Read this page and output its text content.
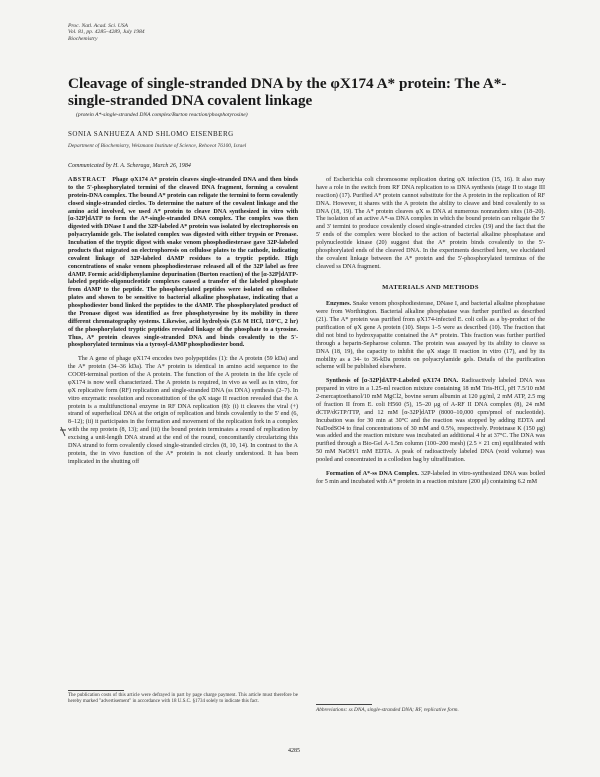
Proc. Natl. Acad. Sci. USA
Vol. 81, pp. 4285–4289, July 1984
Biochemistry
Cleavage of single-stranded DNA by the φX174 A* protein: The A*-single-stranded DNA covalent linkage
(protein A*-single-stranded DNA complex/Burton reaction/phosphotyrosine)
SONIA SANHUEZA AND SHLOMO EISENBERG
Department of Biochemistry, Weizmann Institute of Science, Rehovot 76100, Israel
Communicated by H. A. Scheraga, March 26, 1984

ABSTRACT Phage φX174 A* protein cleaves single-stranded DNA and then binds to the 5'-phosphorylated termini of the cleaved DNA fragment, forming a covalent protein-DNA complex. The bound A* protein can religate the termini to form covalently closed single-stranded circles. To determine the nature of the covalent linkage and the amino acid involved, we used A* protein to cleave DNA synthesized in vitro with [α-32P]dATP to form the A*-single-stranded DNA complex. The complex was then digested with DNase I and the 32P-labeled A* protein was isolated by electrophoresis on polyacrylamide gels. The isolated complex was digested with either trypsin or Pronase. Incubation of the tryptic digest with snake venom phosphodiesterase gave 32P-labeled products that migrated on electrophoresis on cellulose plates to the cathode, indicating covalent linkage of 32P-labeled dAMP residues to a tryptic peptide. High concentrations of snake venom phosphodiesterase released all of the 32P label as free dAMP. Formic acid/diphenylamine depurination (Burton reaction) of the [α-32P]dATP-labeled peptide-oligonucleotide complexes caused a transfer of the labeled phosphate from dAMP to the peptide. The phosphorylated peptides were isolated on cellulose plates and shown to be sensitive to bacterial alkaline phosphatase, indicating that a phosphodiester bond linked the peptides to the dAMP. The phosphorylated product of the Pronase digest was identified as free phosphotyrosine by its mobility in three different chromatography systems. Likewise, acid hydrolysis (5.6 M HCl, 110°C, 2 hr) of the phosphorylated tryptic peptides revealed linkage of the phosphate to a tyrosine. Thus, A* protein cleaves single-stranded DNA and binds covalently to the 5'-phosphorylated terminus via a tyrosyl-dAMP phosphodiester bond.

The A gene of phage φX174 encodes two polypeptides (1): the A protein (59 kDa) and the A* protein (34–36 kDa). The A* protein is identical in amino acid sequence to the COOH-terminal portion of the A protein. The function of the A protein in the life cycle of φX174 is now well characterized. The A protein is required, in vivo as well as in vitro, for φX replicative form (RF) replication and single-stranded DNA (ss DNA) synthesis (2–7). In vitro enzymatic resolution and reconstitution of the φX stage II reaction revealed that the A protein is a multifunctional enzyme in RF DNA replication (8): (i) it cleaves the viral (+) strand of superhelical DNA at the origin of replication and binds covalently to the 5' end (6, 8–12); (ii) it participates in the formation and movement of the replication fork in a complex with the rep protein (8, 13); and (iii) the bound protein terminates a round of replication by excising a unit-length DNA strand at the end of the round, concomitantly circularizing this DNA strand to form covalently closed single-stranded circles (8, 10, 14). In contrast to the A protein, the in vivo function of the A* protein is not clearly understood. It has been implicated in the shutting off

of Escherichia coli chromosome replication during φX infection (15, 16). It also may have a role in the switch from RF DNA replication to ss DNA synthesis (stage II to stage III reaction) (17). Purified A* protein cannot substitute for the A protein in the replication of RF DNA. However, it shares with the A protein the ability to cleave and bind covalently to ss DNA (18, 19). The A* protein cleaves φX ss DNA at numerous nonrandom sites (18–20). The isolation of an active A*-ss DNA complex in which the bound protein can religate the 5' and 3' termini to produce covalently closed single-stranded circles (19) and the fact that the 5' ends of the complex were blocked to the action of bacterial alkaline phosphatase and polynucleotide kinase (20) suggest that the A* protein binds covalently to the 5'-phosphorylated ends of the cleaved DNA. In the experiments described here, we elucidated the covalent linkage between the A* protein and the 5'-phosphorylated terminus of the cleaved ss DNA fragment.

MATERIALS AND METHODS

Enzymes. Snake venom phosphodiesterase, DNase I, and bacterial alkaline phosphatase were from Worthington. Bacterial alkaline phosphatase was further purified as described (21). The A* protein was purified from φX174-infected E. coli cells as a by-product of the purification of φX gene A protein (10). Steps 1–5 were as described (10). The fraction that did not bind to hydroxyapatite contained the A* protein. This fraction was further purified through a heparin-Sepharose column. The protein was assayed by its ability to cleave ss DNA (18, 19), the capacity to inhibit the φX stage II reaction in vitro (17), and by its mobility as a 34- to 36-kDa protein on polyacrylamide gels. Details of the purification scheme will be published elsewhere.

Synthesis of [α-32P]dATP-Labeled φX174 DNA. Radioactively labeled DNA was prepared in vitro in a 1.25-ml reaction mixture containing 18 mM Tris-HCl, pH 7.5/10 mM 2-mercaptoethanol/10 mM MgCl2, bovine serum albumin at 120 μg/ml, 2 mM ATP, 2.5 mg of fraction II from E. coli H560 (5), 15–20 μg of A-RF II DNA complex (8), 24 mM dCTP/dGTP/TTP, and 12 mM [α-32P]dATP (8000–10,000 cpm/pmol of nucleotide). Incubation was for 30 min at 30°C and the reaction was stopped by adding EDTA and NaDodSO4 to final concentrations of 30 mM and 0.5%, respectively. Proteinase K (150 μg) was added and the reaction mixture was incubated an additional 4 hr at 37°C. The DNA was purified through a Bio-Gel A-1.5m column (100–200 mesh) (2.5 × 21 cm) equilibrated with 50 mM NaOH/1 mM EDTA. A peak of radioactively labeled DNA (void volume) was pooled and concentrated in a collodion bag by ultrafiltration.

Formation of A*-ss DNA Complex. 32P-labeled in vitro-synthesized DNA was boiled for 5 min and incubated with A* protein in a reaction mixture (200 μl) containing 6.2 mM

The publication costs of this article were defrayed in part by page charge payment. This article must therefore be hereby marked "advertisement" in accordance with 18 U.S.C. §1734 solely to indicate this fact.
Abbreviations: ss DNA, single-stranded DNA; RF, replicative form.
4285
